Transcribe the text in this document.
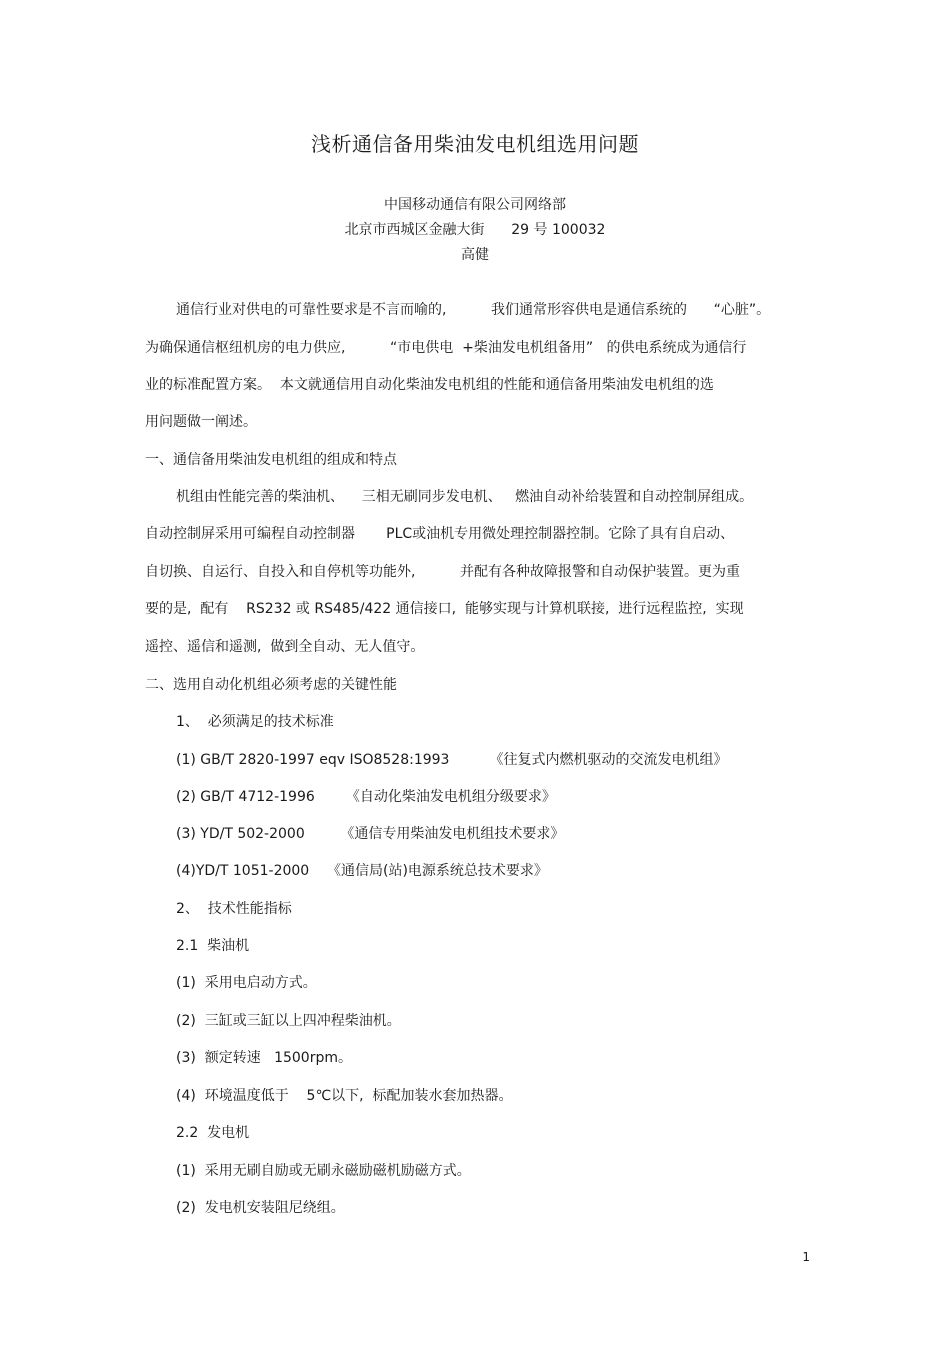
浅析通信备用柴油发电机组选用问题
中国移动通信有限公司网络部
北京市西城区金融大街      29 号 100032
高健
通信行业对供电的可靠性要求是不言而喻的,          我们通常形容供电是通信系统的      “心脏”。
为确保通信枢纽机房的电力供应,          “市电供电  +柴油发电机组备用”   的供电系统成为通信行
业的标准配置方案。  本文就通信用自动化柴油发电机组的性能和通信备用柴油发电机组的选
用问题做一阐述。
一、通信备用柴油发电机组的组成和特点
机组由性能完善的柴油机、    三相无刷同步发电机、   燃油自动补给装置和自动控制屏组成。
自动控制屏采用可编程自动控制器       PLC或油机专用微处理控制器控制。它除了具有自启动、
自切换、自运行、自投入和自停机等功能外,          并配有各种故障报警和自动保护装置。更为重
要的是,  配有    RS232 或 RS485/422 通信接口,  能够实现与计算机联接,  进行远程监控,  实现
遥控、遥信和遥测,  做到全自动、无人值守。
二、选用自动化机组必须考虑的关键性能
1、  必须满足的技术标准
(1) GB/T 2820-1997 eqv ISO8528:1993         《往复式内燃机驱动的交流发电机组》
(2) GB/T 4712-1996       《自动化柴油发电机组分级要求》
(3) YD/T 502-2000        《通信专用柴油发电机组技术要求》
(4)YD/T 1051-2000    《通信局(站)电源系统总技术要求》
2、  技术性能指标
2.1  柴油机
(1)  采用电启动方式。
(2)  三缸或三缸以上四冲程柴油机。
(3)  额定转速   1500rpm。
(4)  环境温度低于    5℃以下,  标配加装水套加热器。
2.2  发电机
(1)  采用无刷自励或无刷永磁励磁机励磁方式。
(2)  发电机安装阻尼绕组。
1
